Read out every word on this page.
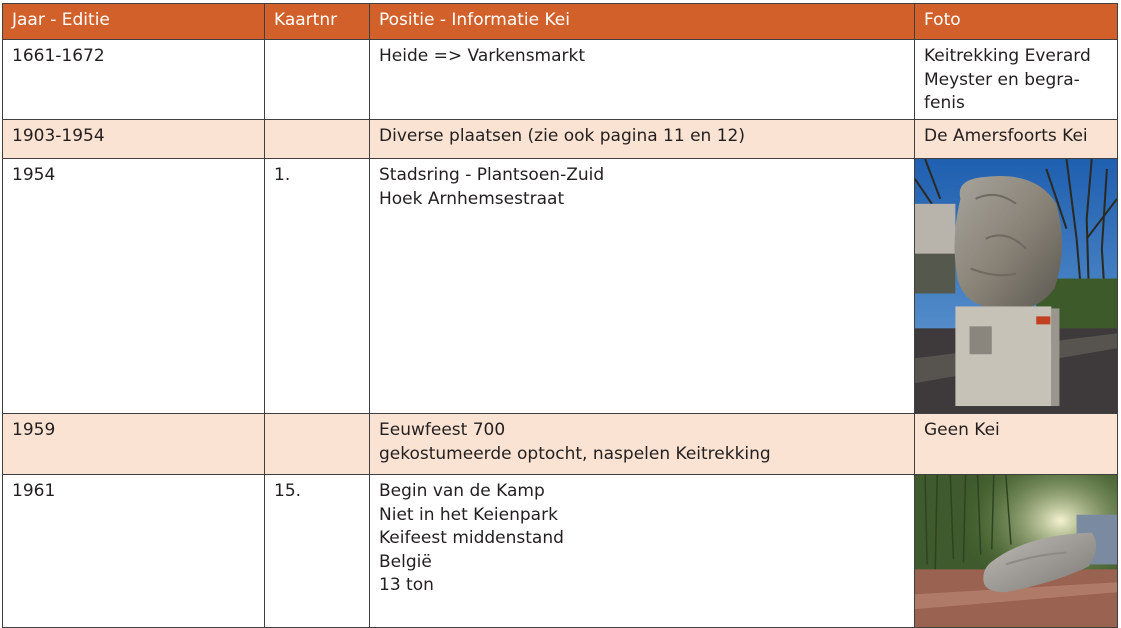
Jaar - Editie	Kaartnr	Positie - Informatie Kei	Foto
1661-1672		Heide => Varkensmarkt	Keitrekking Everard
Meyster en begra-
fenis

1903-1954		Diverse plaatsen (zie ook pagina 11 en 12)	De Amersfoorts Kei

1954	1.	Stadsring - Plantsoen-Zuid
Hoek Arnhemsestraat

1959		Eeuwfeest 700
gekostumeerde optocht, naspelen Keitrekking	Geen Kei

1961	15.	Begin van de Kamp
Niet in het Keienpark
Keifeest middenstand
België
13 ton
